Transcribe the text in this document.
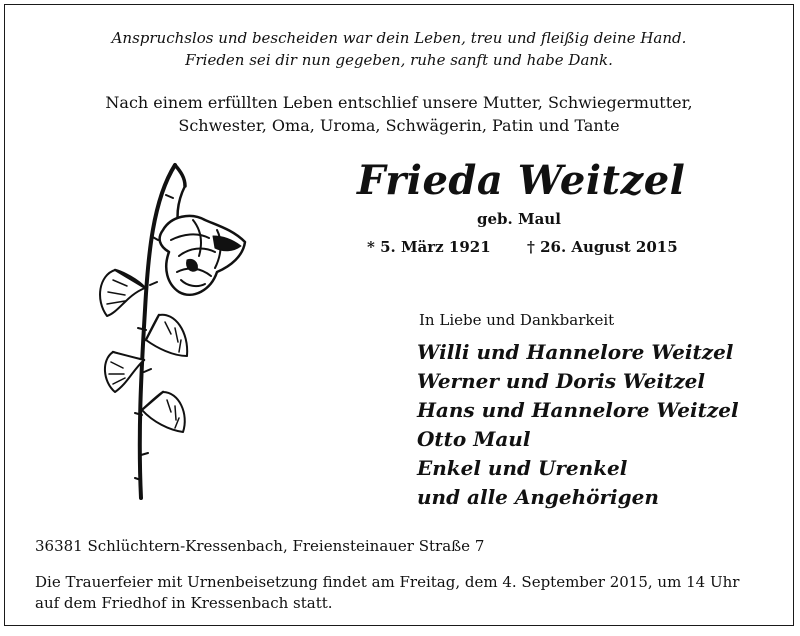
Anspruchslos und bescheiden war dein Leben, treu und fleißig deine Hand.
Frieden sei dir nun gegeben, ruhe sanft und habe Dank.
Nach einem erfüllten Leben entschlief unsere Mutter, Schwiegermutter,
Schwester, Oma, Uroma, Schwägerin, Patin und Tante
Frieda Weitzel
geb. Maul
* 5. März 1921 † 26. August 2015
In Liebe und Dankbarkeit
Willi und Hannelore Weitzel
Werner und Doris Weitzel
Hans und Hannelore Weitzel
Otto Maul
Enkel und Urenkel
und alle Angehörigen
36381 Schlüchtern-Kressenbach, Freiensteinauer Straße 7
Die Trauerfeier mit Urnenbeisetzung findet am Freitag, dem 4. September 2015, um 14 Uhr
auf dem Friedhof in Kressenbach statt.
